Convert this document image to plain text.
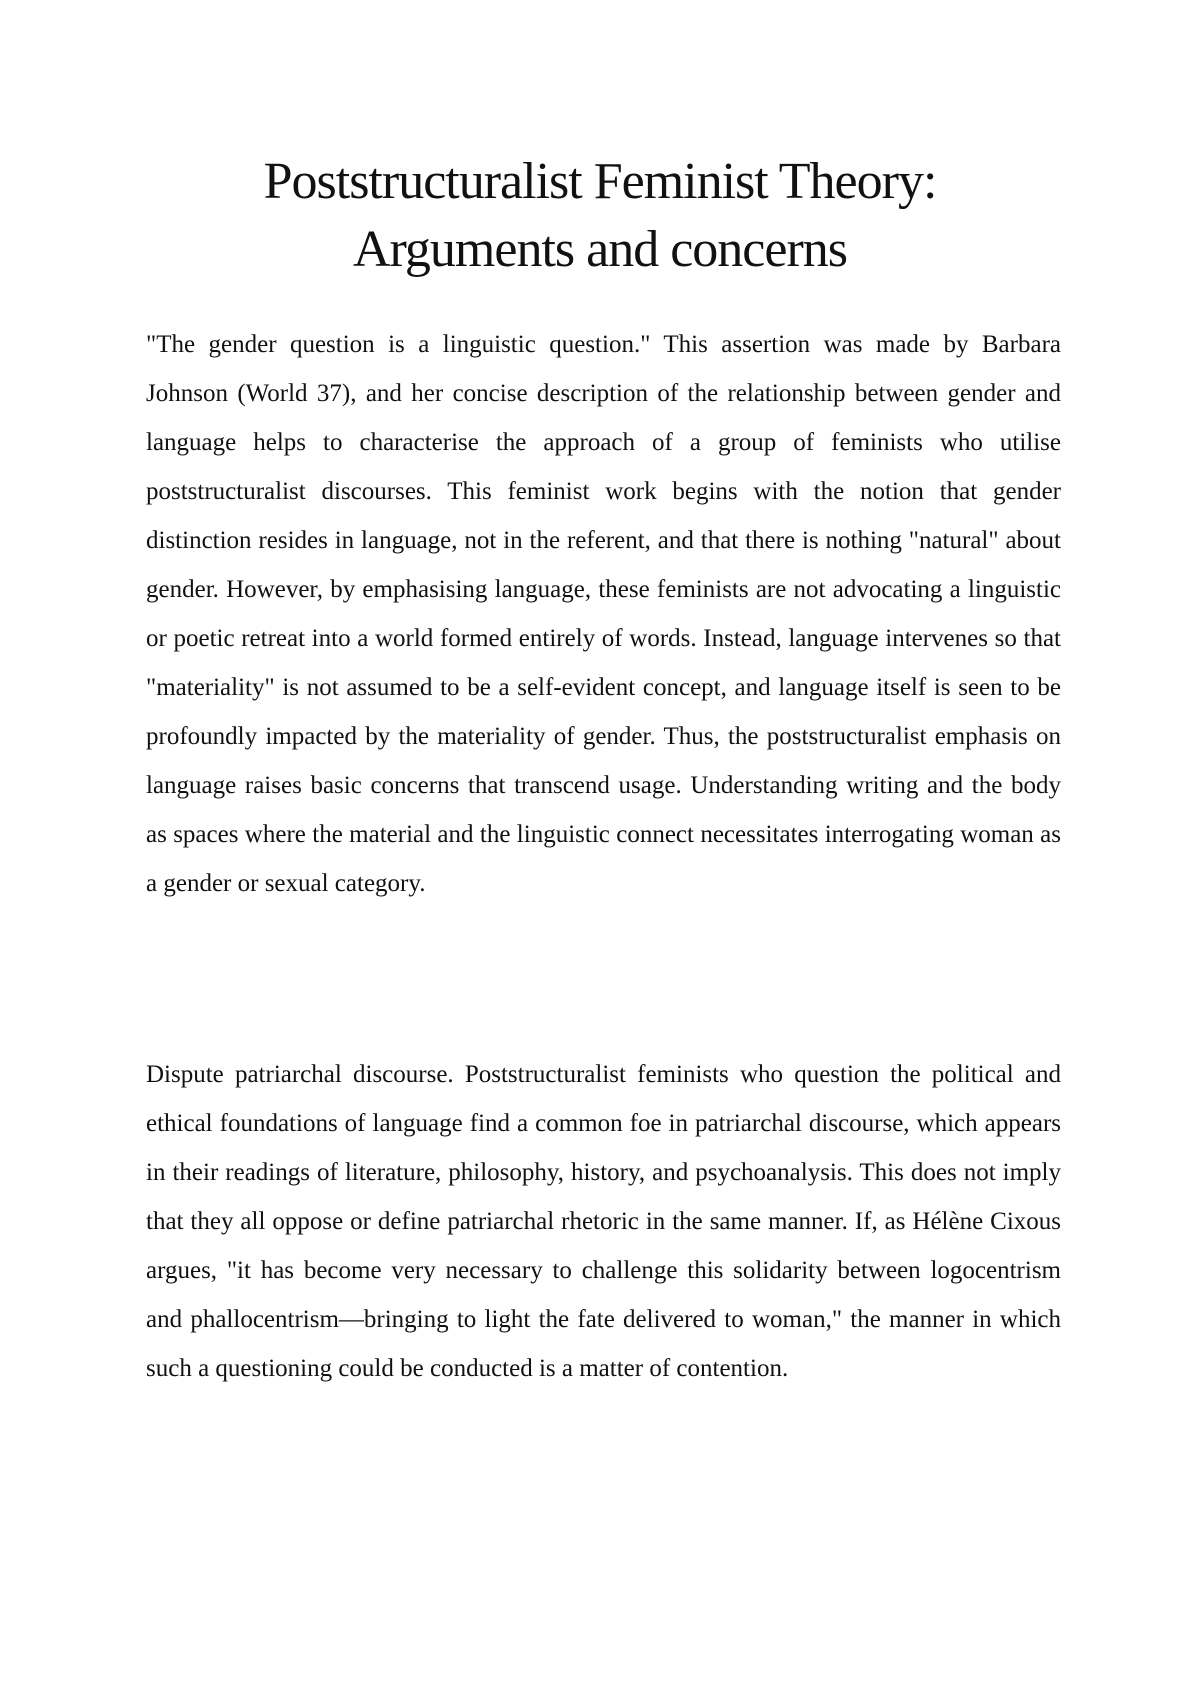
Poststructuralist Feminist Theory:
Arguments and concerns

"The gender question is a linguistic question." This assertion was made by Barbara Johnson (World 37), and her concise description of the relationship between gender and language helps to characterise the approach of a group of feminists who utilise poststructuralist discourses. This feminist work begins with the notion that gender distinction resides in language, not in the referent, and that there is nothing "natural" about gender. However, by emphasising language, these feminists are not advocating a linguistic or poetic retreat into a world formed entirely of words. Instead, language intervenes so that "materiality" is not assumed to be a self-evident concept, and language itself is seen to be profoundly impacted by the materiality of gender. Thus, the poststructuralist emphasis on language raises basic concerns that transcend usage. Understanding writing and the body as spaces where the material and the linguistic connect necessitates interrogating woman as a gender or sexual category.

Dispute patriarchal discourse. Poststructuralist feminists who question the political and ethical foundations of language find a common foe in patriarchal discourse, which appears in their readings of literature, philosophy, history, and psychoanalysis. This does not imply that they all oppose or define patriarchal rhetoric in the same manner. If, as Hélène Cixous argues, "it has become very necessary to challenge this solidarity between logocentrism and phallocentrism—bringing to light the fate delivered to woman," the manner in which such a questioning could be conducted is a matter of contention.
